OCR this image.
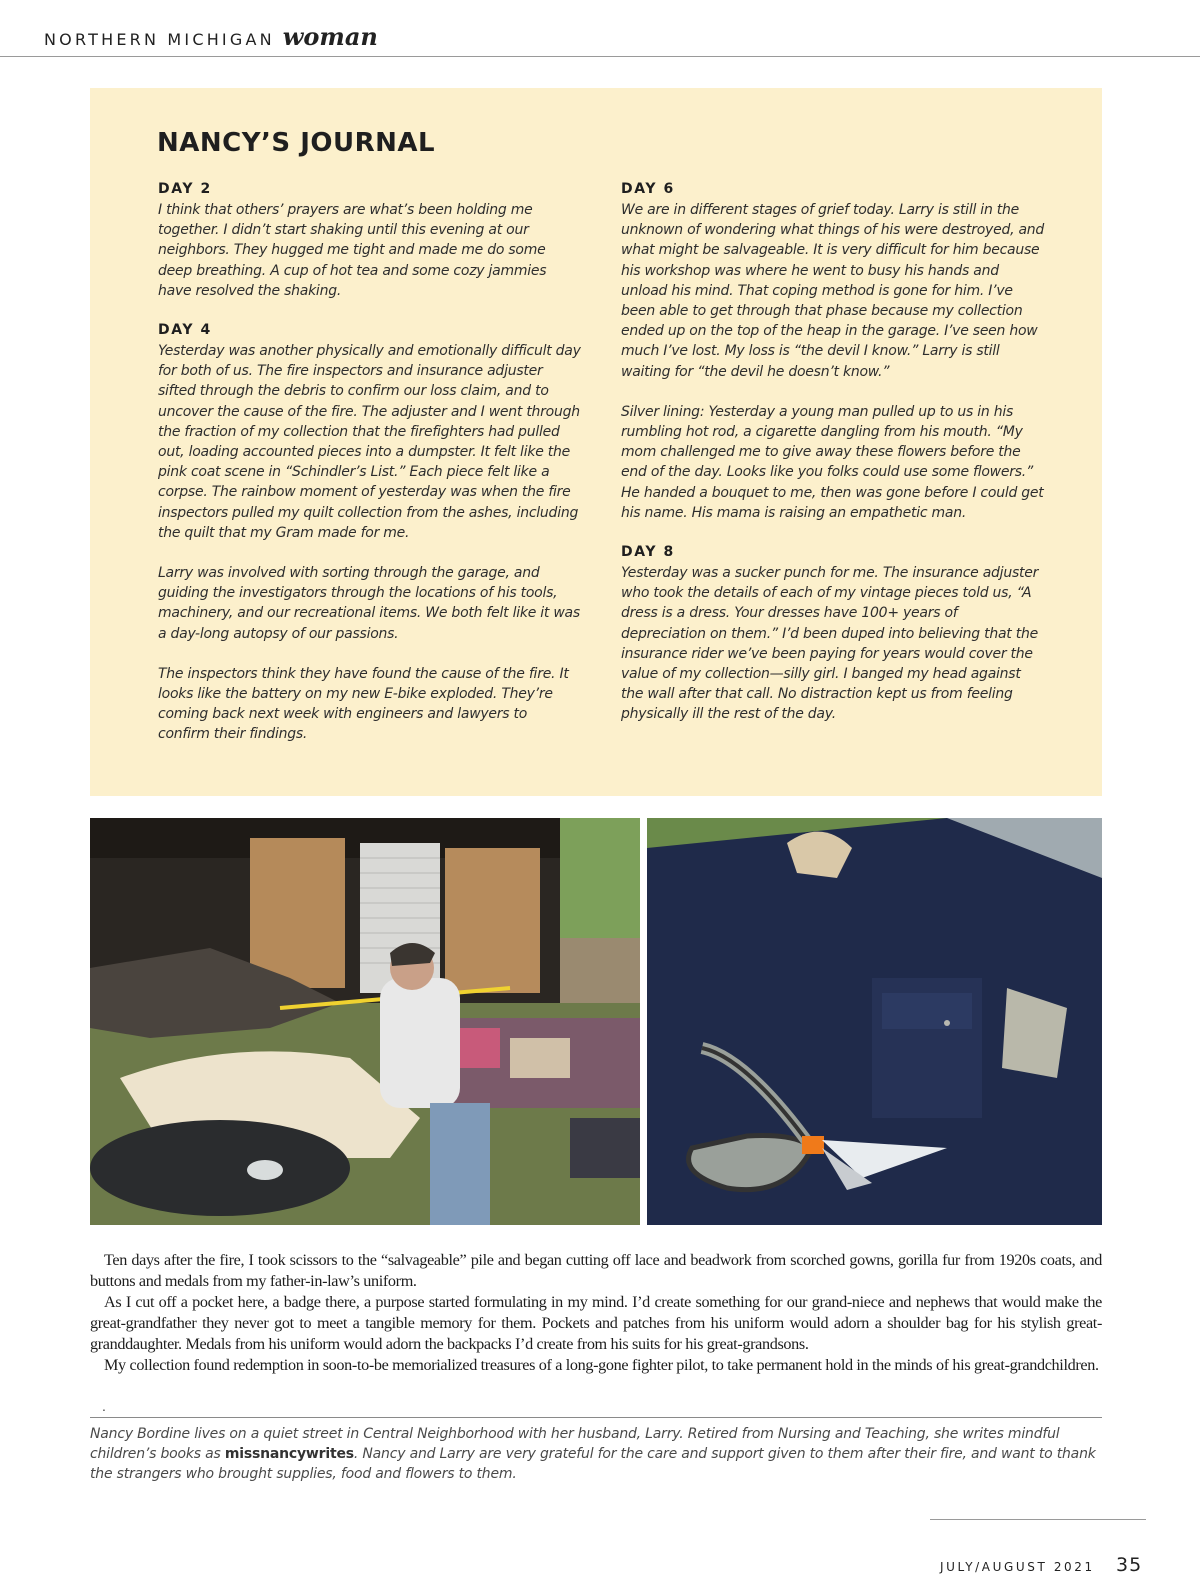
NORTHERN MICHIGAN woman
NANCY’S JOURNAL
DAY 2

I think that others’ prayers are what’s been holding me together. I didn’t start shaking until this evening at our neighbors. They hugged me tight and made me do some deep breathing. A cup of hot tea and some cozy jammies have resolved the shaking.

DAY 4

Yesterday was another physically and emotionally difficult day for both of us. The fire inspectors and insurance adjuster sifted through the debris to confirm our loss claim, and to uncover the cause of the fire. The adjuster and I went through the fraction of my collection that the firefighters had pulled out, loading accounted pieces into a dumpster. It felt like the pink coat scene in “Schindler’s List.” Each piece felt like a corpse. The rainbow moment of yesterday was when the fire inspectors pulled my quilt collection from the ashes, including the quilt that my Gram made for me.

Larry was involved with sorting through the garage, and guiding the investigators through the locations of his tools, machinery, and our recreational items. We both felt like it was a day-long autopsy of our passions.

The inspectors think they have found the cause of the fire. It looks like the battery on my new E-bike exploded. They’re coming back next week with engineers and lawyers to confirm their findings.

DAY 6

We are in different stages of grief today. Larry is still in the unknown of wondering what things of his were destroyed, and what might be salvageable. It is very difficult for him because his workshop was where he went to busy his hands and unload his mind. That coping method is gone for him. I’ve been able to get through that phase because my collection ended up on the top of the heap in the garage. I’ve seen how much I’ve lost. My loss is “the devil I know.” Larry is still waiting for “the devil he doesn’t know.”

Silver lining: Yesterday a young man pulled up to us in his rumbling hot rod, a cigarette dangling from his mouth. “My mom challenged me to give away these flowers before the end of the day. Looks like you folks could use some flowers.” He handed a bouquet to me, then was gone before I could get his name. His mama is raising an empathetic man.

DAY 8

Yesterday was a sucker punch for me. The insurance adjuster who took the details of each of my vintage pieces told us, “A dress is a dress. Your dresses have 100+ years of depreciation on them.” I’d been duped into believing that the insurance rider we’ve been paying for years would cover the value of my collection—silly girl. I banged my head against the wall after that call. No distraction kept us from feeling physically ill the rest of the day.

Ten days after the fire, I took scissors to the “salvageable” pile and began cutting off lace and beadwork from scorched gowns, gorilla fur from 1920s coats, and buttons and medals from my father-in-law’s uniform.

As I cut off a pocket here, a badge there, a purpose started formulating in my mind. I’d create something for our grand-niece and nephews that would make the great-grandfather they never got to meet a tangible memory for them. Pockets and patches from his uniform would adorn a shoulder bag for his stylish great-granddaughter. Medals from his uniform would adorn the backpacks I’d create from his suits for his great-grandsons.

My collection found redemption in soon-to-be memorialized treasures of a long-gone fighter pilot, to take permanent hold in the minds of his great-grandchildren.

.

Nancy Bordine lives on a quiet street in Central Neighborhood with her husband, Larry. Retired from Nursing and Teaching, she writes mindful children’s books as missnancywrites. Nancy and Larry are very grateful for the care and support given to them after their fire, and want to thank the strangers who brought supplies, food and flowers to them.

JULY/AUGUST 2021 35
